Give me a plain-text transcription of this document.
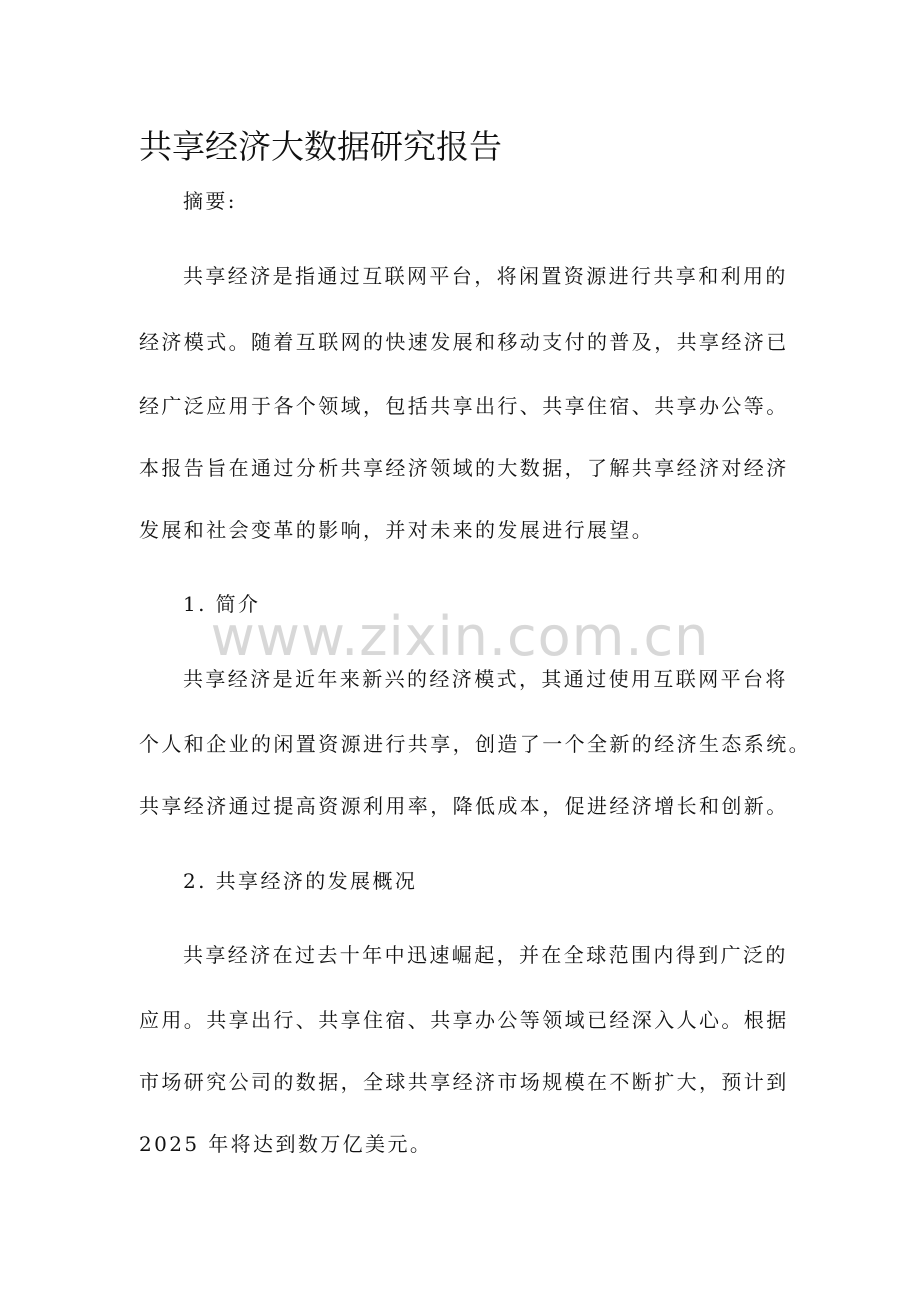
共享经济大数据研究报告

摘要:

共享经济是指通过互联网平台，将闲置资源进行共享和利用的

经济模式。随着互联网的快速发展和移动支付的普及，共享经济已

经广泛应用于各个领域，包括共享出行、共享住宿、共享办公等。

本报告旨在通过分析共享经济领域的大数据，了解共享经济对经济

发展和社会变革的影响，并对未来的发展进行展望。

1. 简介

共享经济是近年来新兴的经济模式，其通过使用互联网平台将

个人和企业的闲置资源进行共享，创造了一个全新的经济生态系统。

共享经济通过提高资源利用率，降低成本，促进经济增长和创新。

2. 共享经济的发展概况

共享经济在过去十年中迅速崛起，并在全球范围内得到广泛的

应用。共享出行、共享住宿、共享办公等领域已经深入人心。根据

市场研究公司的数据，全球共享经济市场规模在不断扩大，预计到

2025 年将达到数万亿美元。

www.zixin.com.cn
